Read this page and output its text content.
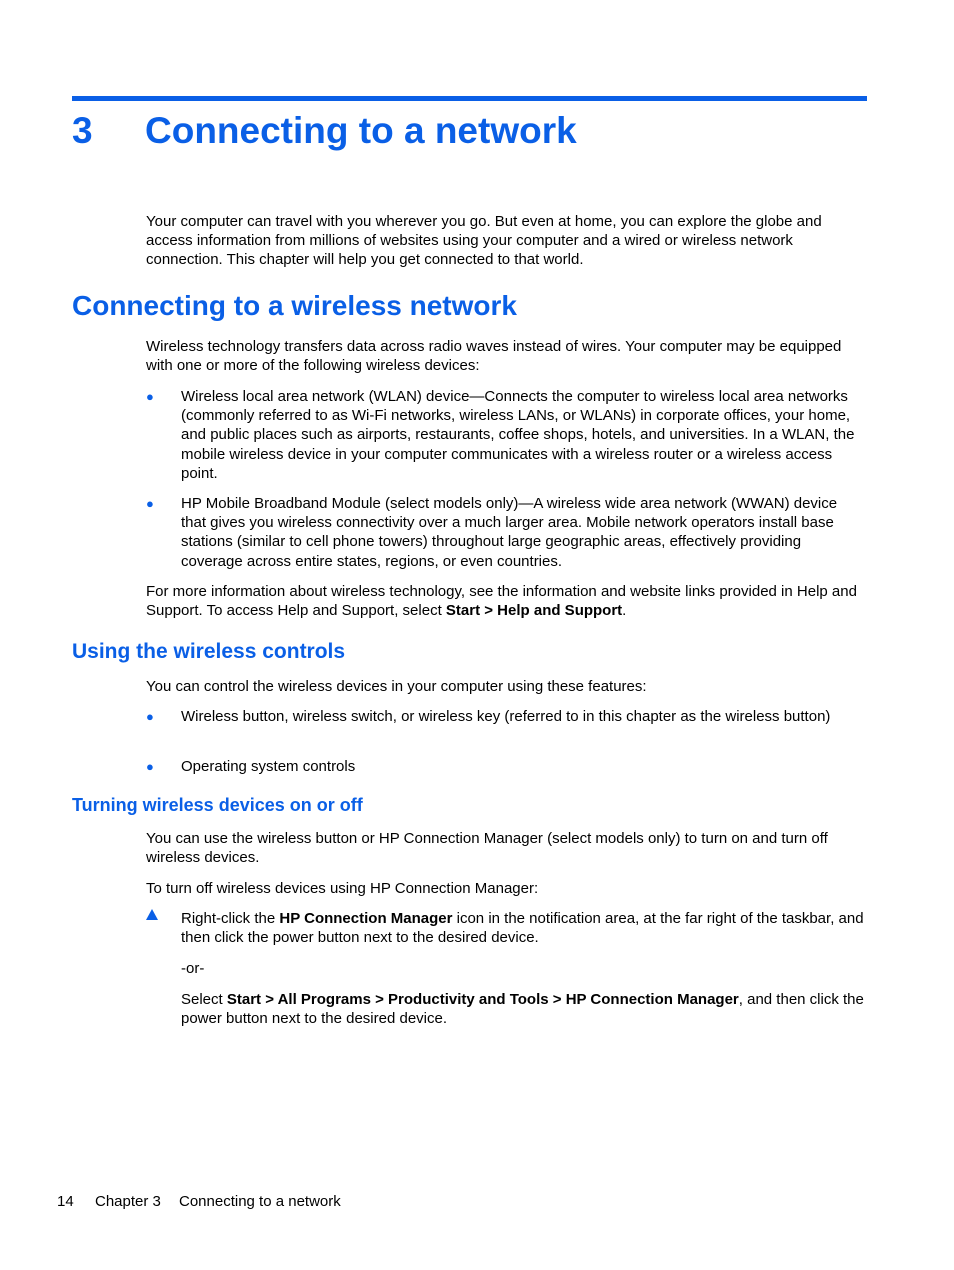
3 Connecting to a network

Your computer can travel with you wherever you go. But even at home, you can explore the globe and access information from millions of websites using your computer and a wired or wireless network connection. This chapter will help you get connected to that world.

Connecting to a wireless network

Wireless technology transfers data across radio waves instead of wires. Your computer may be equipped with one or more of the following wireless devices:

● Wireless local area network (WLAN) device—Connects the computer to wireless local area networks (commonly referred to as Wi-Fi networks, wireless LANs, or WLANs) in corporate offices, your home, and public places such as airports, restaurants, coffee shops, hotels, and universities. In a WLAN, the mobile wireless device in your computer communicates with a wireless router or a wireless access point.
● HP Mobile Broadband Module (select models only)—A wireless wide area network (WWAN) device that gives you wireless connectivity over a much larger area. Mobile network operators install base stations (similar to cell phone towers) throughout large geographic areas, effectively providing coverage across entire states, regions, or even countries.

For more information about wireless technology, see the information and website links provided in Help and Support. To access Help and Support, select Start > Help and Support.

Using the wireless controls

You can control the wireless devices in your computer using these features:

● Wireless button, wireless switch, or wireless key (referred to in this chapter as the wireless button)
● Operating system controls
Turning wireless devices on or off

You can use the wireless button or HP Connection Manager (select models only) to turn on and turn off wireless devices.

To turn off wireless devices using HP Connection Manager:

Right-click the HP Connection Manager icon in the notification area, at the far right of the taskbar, and then click the power button next to the desired device.

-or-

Select Start > All Programs > Productivity and Tools > HP Connection Manager, and then click the power button next to the desired device.

14 Chapter 3 Connecting to a network
